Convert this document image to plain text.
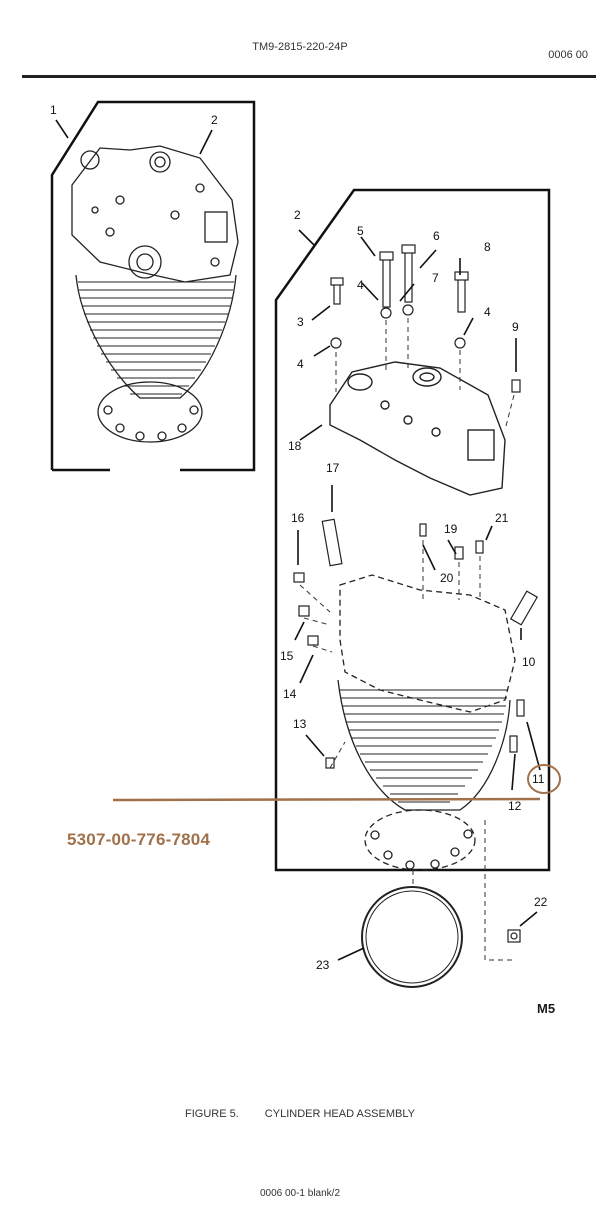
TM9-2815-220-24P
0006 00
1
2
2
3
4
5
4
6
7
8
4
9
18
17
16
19
21
20
10
15
14
13
11
12
22
23
5307-00-776-7804
M5
FIGURE 5. CYLINDER HEAD ASSEMBLY
0006 00-1 blank/2
